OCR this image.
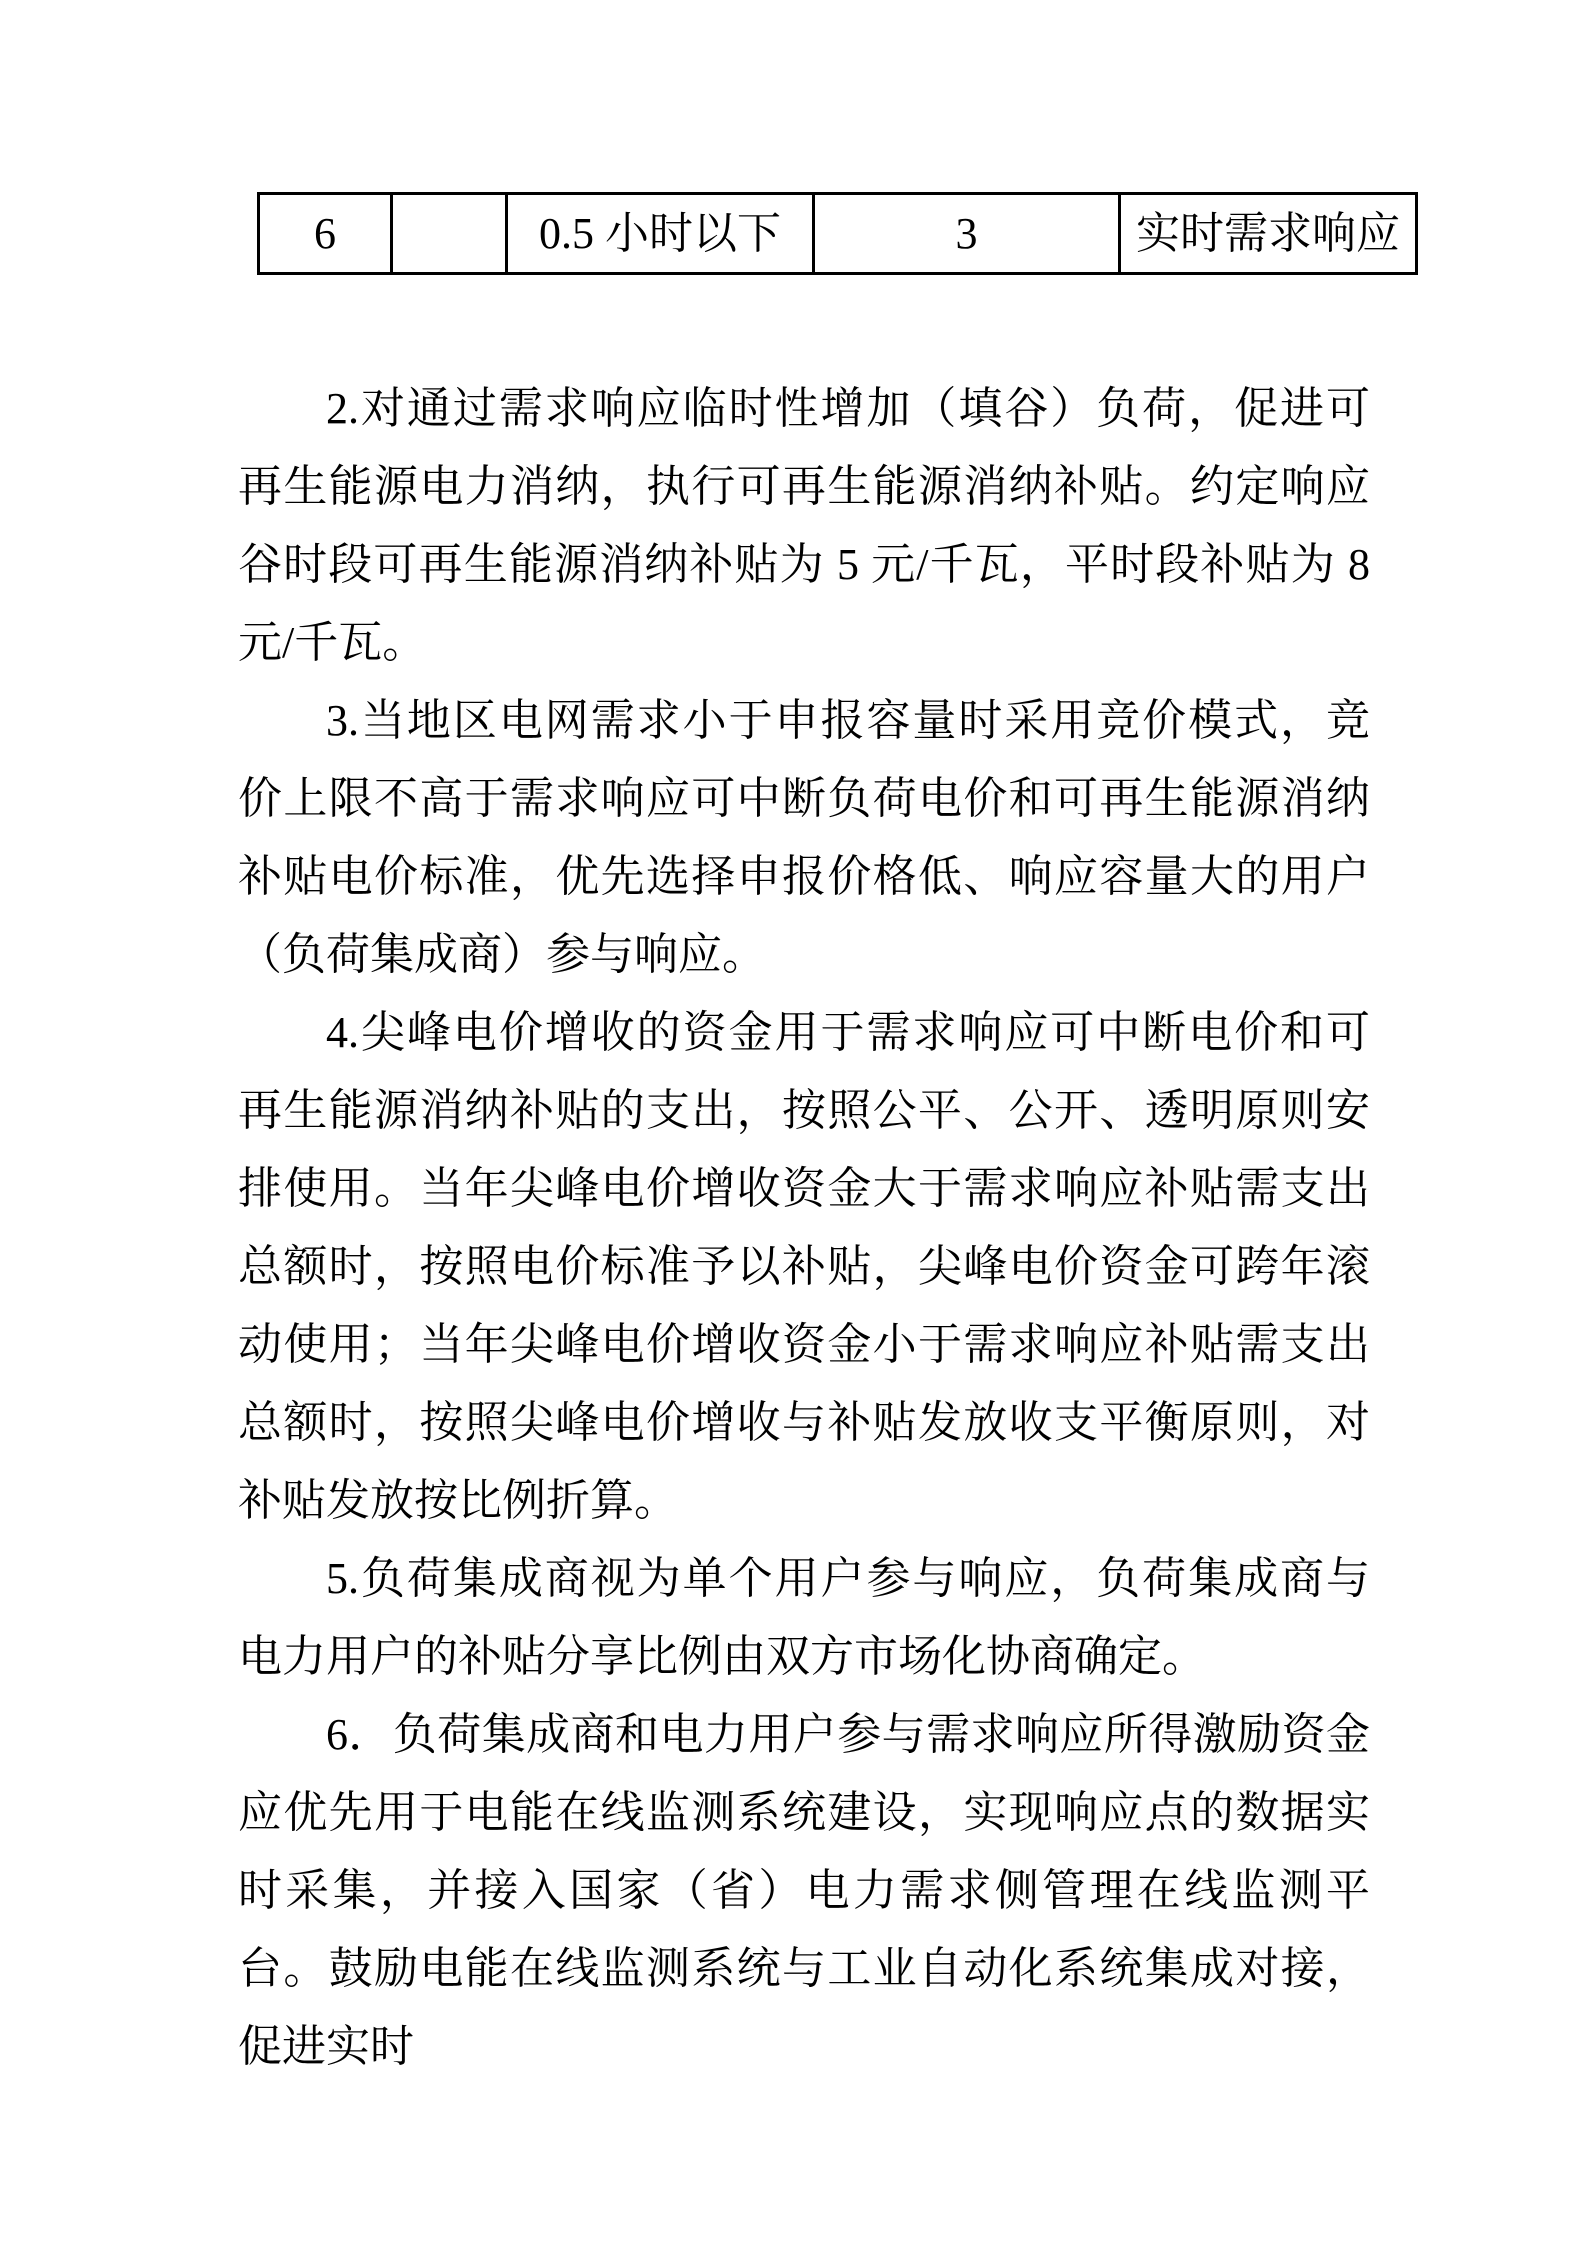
6		0.5 小时以下	3	实时需求响应

2.对通过需求响应临时性增加（填谷）负荷，促进可再生能源电力消纳，执行可再生能源消纳补贴。约定响应谷时段可再生能源消纳补贴为 5 元/千瓦，平时段补贴为 8 元/千瓦。

3.当地区电网需求小于申报容量时采用竞价模式，竞价上限不高于需求响应可中断负荷电价和可再生能源消纳补贴电价标准，优先选择申报价格低、响应容量大的用户（负荷集成商）参与响应。

4.尖峰电价增收的资金用于需求响应可中断电价和可再生能源消纳补贴的支出，按照公平、公开、透明原则安排使用。当年尖峰电价增收资金大于需求响应补贴需支出总额时，按照电价标准予以补贴，尖峰电价资金可跨年滚动使用；当年尖峰电价增收资金小于需求响应补贴需支出总额时，按照尖峰电价增收与补贴发放收支平衡原则，对补贴发放按比例折算。

5.负荷集成商视为单个用户参与响应，负荷集成商与电力用户的补贴分享比例由双方市场化协商确定。

6．负荷集成商和电力用户参与需求响应所得激励资金应优先用于电能在线监测系统建设，实现响应点的数据实时采集，并接入国家（省）电力需求侧管理在线监测平台。鼓励电能在线监测系统与工业自动化系统集成对接，促进实时
